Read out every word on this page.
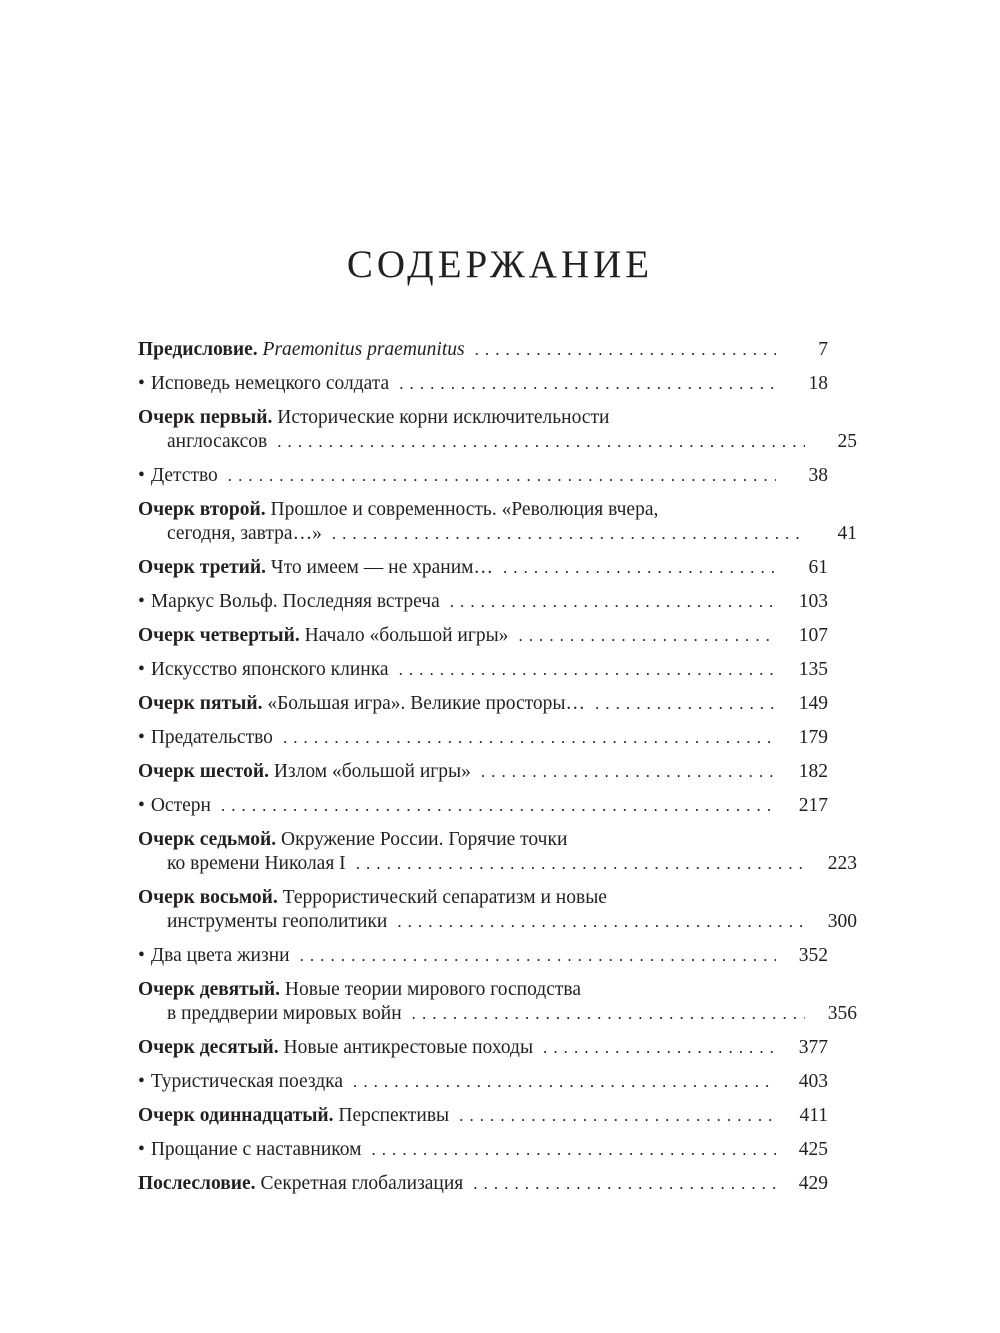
СОДЕРЖАНИЕ
Предисловие. Praemonitus praemunitus . . .	7
• Исповедь немецкого солдата . . .	18
Очерк первый. Исторические корни исключительности
англосаксов . . .	25
• Детство . . .	38
Очерк второй. Прошлое и современность. «Революция вчера,
сегодня, завтра…» . . .	41
Очерк третий. Что имеем — не храним… . . .	61
• Маркус Вольф. Последняя встреча . . .	103
Очерк четвертый. Начало «большой игры» . . .	107
• Искусство японского клинка . . .	135
Очерк пятый. «Большая игра». Великие просторы… . . .	149
• Предательство . . .	179
Очерк шестой. Излом «большой игры» . . .	182
• Остерн . . .	217
Очерк седьмой. Окружение России. Горячие точки
ко времени Николая I . . .	223
Очерк восьмой. Террористический сепаратизм и новые
инструменты геополитики . . .	300
• Два цвета жизни . . .	352
Очерк девятый. Новые теории мирового господства
в преддверии мировых войн . . .	356
Очерк десятый. Новые антикрестовые походы . . .	377
• Туристическая поездка . . .	403
Очерк одиннадцатый. Перспективы . . .	411
• Прощание с наставником . . .	425
Послесловие. Секретная глобализация . . .	429
